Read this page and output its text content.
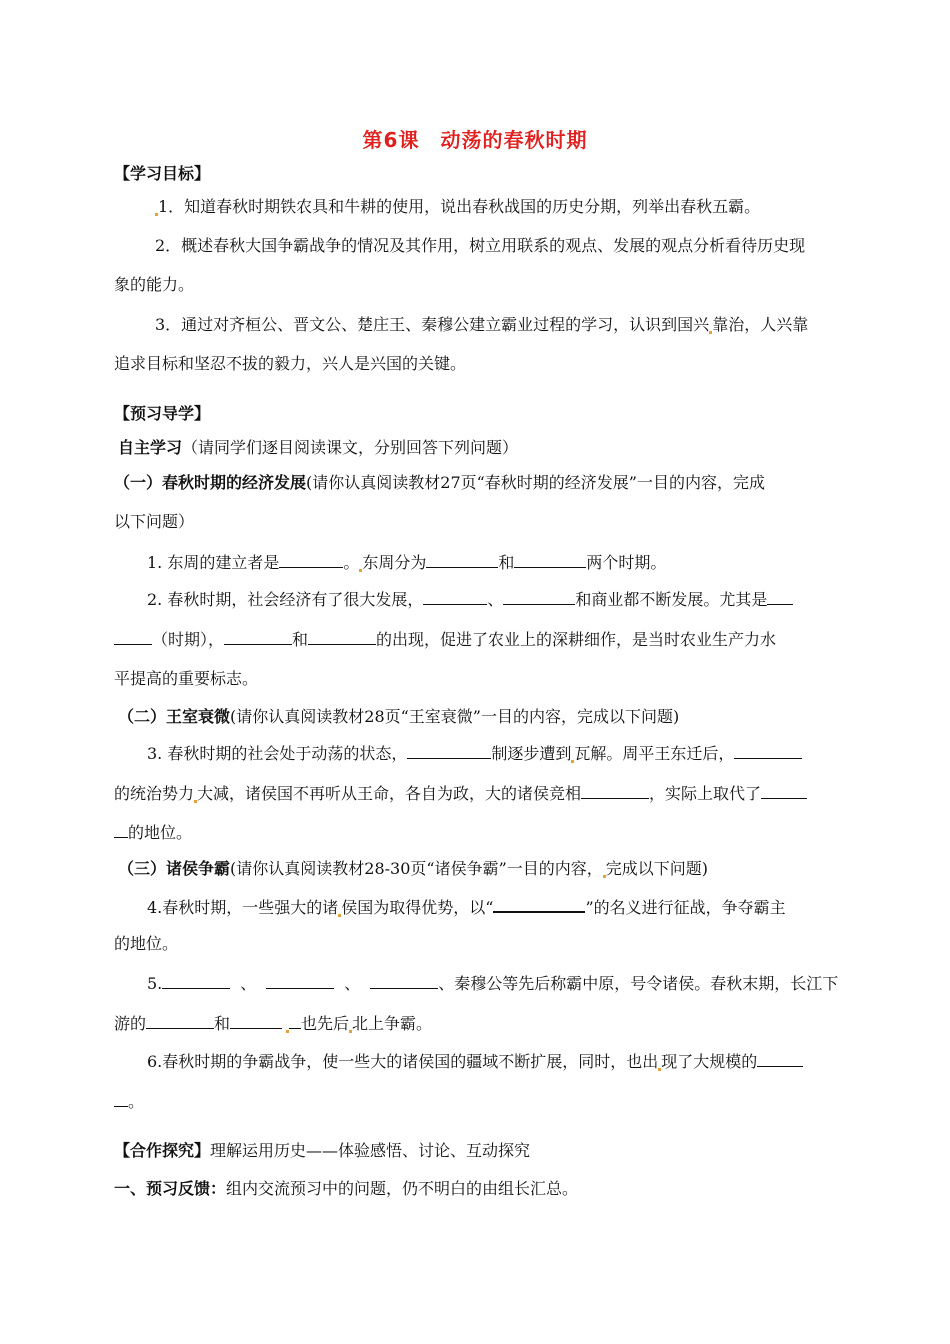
第6课　动荡的春秋时期
【学习目标】
1．知道春秋时期铁农具和牛耕的使用，说出春秋战国的历史分期，列举出春秋五霸。
2．概述春秋大国争霸战争的情况及其作用，树立用联系的观点、发展的观点分析看待历史现
象的能力。
3．通过对齐桓公、晋文公、楚庄王、秦穆公建立霸业过程的学习，认识到国兴 靠治，人兴靠
追求目标和坚忍不拔的毅力，兴人是兴国的关键。
【预习导学】
自主学习（请同学们逐目阅读课文，分别回答下列问题）
（一）春秋时期的经济发展(请你认真阅读教材27页“春秋时期的经济发展”一目的内容，完成
以下问题）
1. 东周的建立者是	。 东周分为	和	两个时期。
2. 春秋时期，社会经济有了很大发展，	、	和商业都不断发展。尤其是
（时期），	和	的出现，促进了农业上的深耕细作，是当时农业生产力水
平提高的重要标志。
（二）王室衰微(请你认真阅读教材28页“王室衰微”一目的内容，完成以下问题)
3. 春秋时期的社会处于动荡的状态，	制逐步遭到 瓦解。周平王东迁后，
的统治势力 大减，诸侯国不再听从王命，各自为政，大的诸侯竞相	，实际上取代了
的地位。
（三）诸侯争霸(请你认真阅读教材28-30页“诸侯争霸”一目的内容， 完成以下问题)
4.春秋时期，一些强大的诸 侯国为取得优势，以“	”的名义进行征战，争夺霸主
的地位。
5.	、	、	、秦穆公等先后称霸中原，号令诸侯。春秋末期，长江下
游的	和	也先后 北上争霸。
6.春秋时期的争霸战争，使一些大的诸侯国的疆域不断扩展，同时，也出 现了大规模的
。
【合作探究】理解运用历史——体验感悟、讨论、互动探究
一、预习反馈：组内交流预习中的问题，仍不明白的由组长汇总。
